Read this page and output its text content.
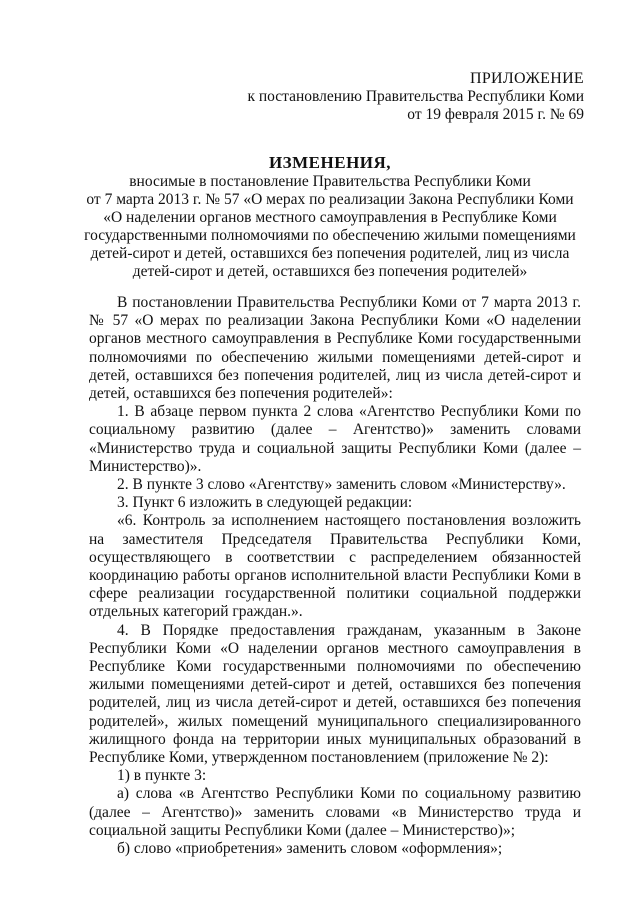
ПРИЛОЖЕНИЕ
к постановлению Правительства Республики Коми
от 19 февраля 2015 г. № 69
ИЗМЕНЕНИЯ,
вносимые в постановление Правительства Республики Коми
от 7 марта 2013 г. № 57 «О мерах по реализации Закона Республики Коми
«О наделении органов местного самоуправления в Республике Коми
государственными полномочиями по обеспечению жилыми помещениями
детей-сирот и детей, оставшихся без попечения родителей, лиц из числа
детей-сирот и детей, оставшихся без попечения родителей»

В постановлении Правительства Республики Коми от 7 марта 2013 г. № 57 «О мерах по реализации Закона Республики Коми «О наделении органов местного самоуправления в Республике Коми государственными полномочиями по обеспечению жилыми помещениями детей-сирот и детей, оставшихся без попечения родителей, лиц из числа детей-сирот и детей, оставшихся без попечения родителей»:

1. В абзаце первом пункта 2 слова «Агентство Республики Коми по социальному развитию (далее – Агентство)» заменить словами «Министерство труда и социальной защиты Республики Коми (далее – Министерство)».

2. В пункте 3 слово «Агентству» заменить словом «Министерству».

3. Пункт 6 изложить в следующей редакции:

«6. Контроль за исполнением настоящего постановления возложить на заместителя Председателя Правительства Республики Коми, осуществляющего в соответствии с распределением обязанностей координацию работы органов исполнительной власти Республики Коми в сфере реализации государственной политики социальной поддержки отдельных категорий граждан.».

4. В Порядке предоставления гражданам, указанным в Законе Республики Коми «О наделении органов местного самоуправления в Республике Коми государственными полномочиями по обеспечению жилыми помещениями детей-сирот и детей, оставшихся без попечения родителей, лиц из числа детей-сирот и детей, оставшихся без попечения родителей», жилых помещений муниципального специализированного жилищного фонда на территории иных муниципальных образований в Республике Коми, утвержденном постановлением (приложение № 2):

1) в пункте 3:

а) слова «в Агентство Республики Коми по социальному развитию (далее – Агентство)» заменить словами «в Министерство труда и социальной защиты Республики Коми (далее – Министерство)»;

б) слово «приобретения» заменить словом «оформления»;
